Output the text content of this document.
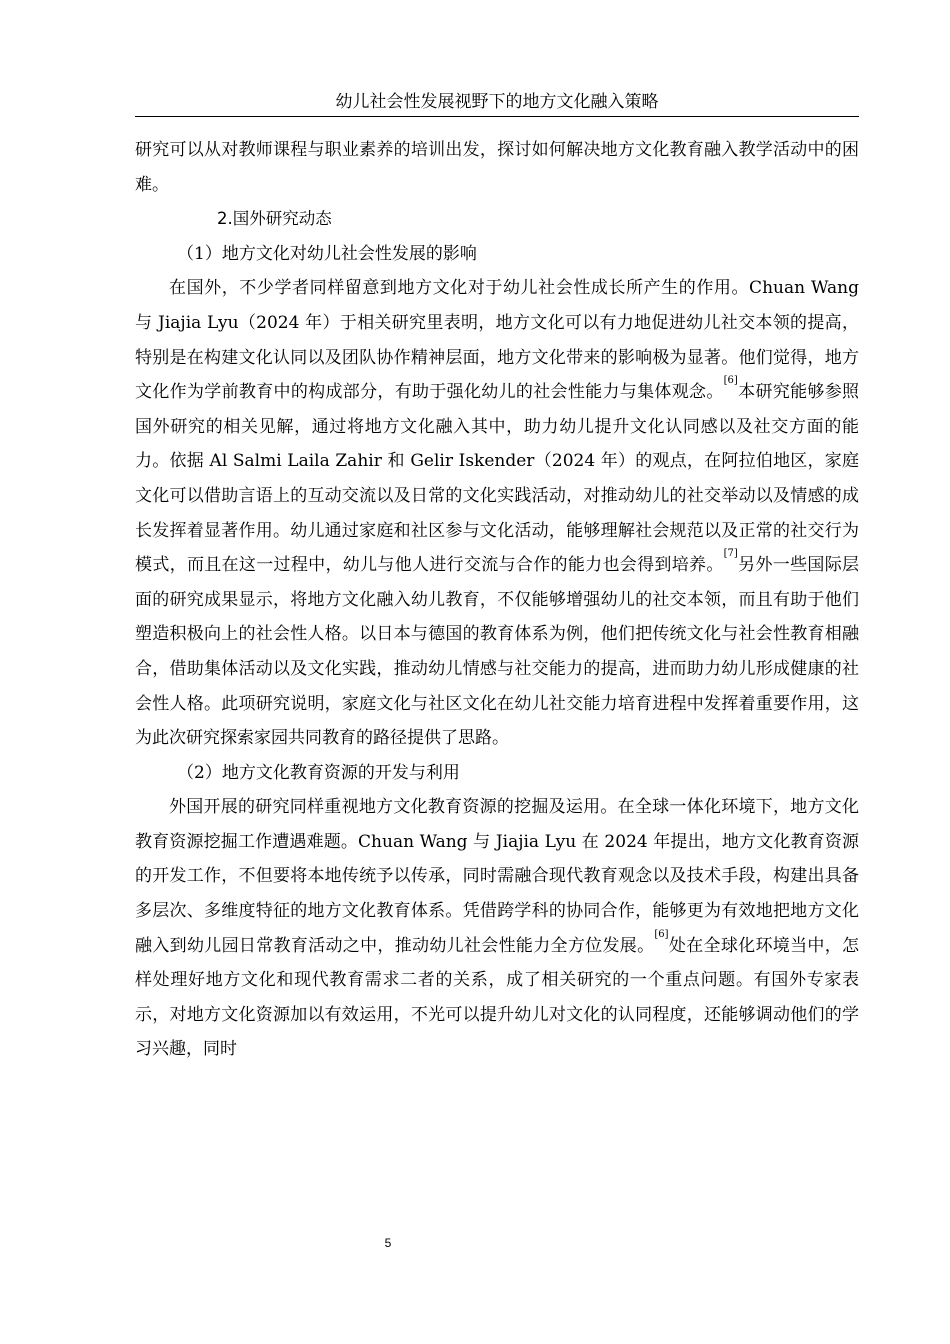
幼儿社会性发展视野下的地方文化融入策略

研究可以从对教师课程与职业素养的培训出发，探讨如何解决地方文化教育融入教学活动中的困难。

2.国外研究动态

（1）地方文化对幼儿社会性发展的影响

在国外，不少学者同样留意到地方文化对于幼儿社会性成长所产生的作用。Chuan Wang 与 Jiajia Lyu（2024 年）于相关研究里表明，地方文化可以有力地促进幼儿社交本领的提高，特别是在构建文化认同以及团队协作精神层面，地方文化带来的影响极为显著。他们觉得，地方文化作为学前教育中的构成部分，有助于强化幼儿的社会性能力与集体观念。[6]本研究能够参照国外研究的相关见解，通过将地方文化融入其中，助力幼儿提升文化认同感以及社交方面的能力。依据 Al Salmi Laila Zahir 和 Gelir Iskender（2024 年）的观点，在阿拉伯地区，家庭文化可以借助言语上的互动交流以及日常的文化实践活动，对推动幼儿的社交举动以及情感的成长发挥着显著作用。幼儿通过家庭和社区参与文化活动，能够理解社会规范以及正常的社交行为模式，而且在这一过程中，幼儿与他人进行交流与合作的能力也会得到培养。[7]另外一些国际层面的研究成果显示，将地方文化融入幼儿教育，不仅能够增强幼儿的社交本领，而且有助于他们塑造积极向上的社会性人格。以日本与德国的教育体系为例，他们把传统文化与社会性教育相融合，借助集体活动以及文化实践，推动幼儿情感与社交能力的提高，进而助力幼儿形成健康的社会性人格。此项研究说明，家庭文化与社区文化在幼儿社交能力培育进程中发挥着重要作用，这为此次研究探索家园共同教育的路径提供了思路。

（2）地方文化教育资源的开发与利用

外国开展的研究同样重视地方文化教育资源的挖掘及运用。在全球一体化环境下，地方文化教育资源挖掘工作遭遇难题。Chuan Wang 与 Jiajia Lyu 在 2024 年提出，地方文化教育资源的开发工作，不但要将本地传统予以传承，同时需融合现代教育观念以及技术手段，构建出具备多层次、多维度特征的地方文化教育体系。凭借跨学科的协同合作，能够更为有效地把地方文化融入到幼儿园日常教育活动之中，推动幼儿社会性能力全方位发展。[6]处在全球化环境当中，怎样处理好地方文化和现代教育需求二者的关系，成了相关研究的一个重点问题。有国外专家表示，对地方文化资源加以有效运用，不光可以提升幼儿对文化的认同程度，还能够调动他们的学习兴趣，同时

5
